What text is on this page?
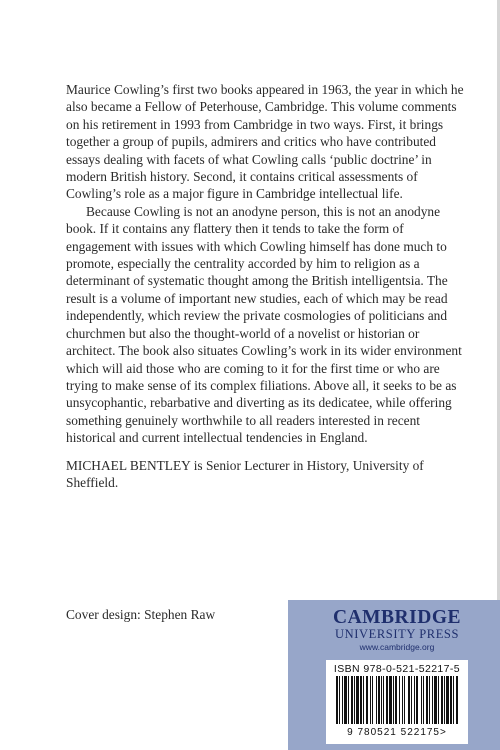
Maurice Cowling’s first two books appeared in 1963, the year in which he also became a Fellow of Peterhouse, Cambridge. This volume comments on his retirement in 1993 from Cambridge in two ways. First, it brings together a group of pupils, admirers and critics who have contributed essays dealing with facets of what Cowling calls ‘public doctrine’ in modern British history. Second, it contains critical assessments of Cowling’s role as a major figure in Cambridge intellectual life.

Because Cowling is not an anodyne person, this is not an anodyne book. If it contains any flattery then it tends to take the form of engagement with issues with which Cowling himself has done much to promote, especially the centrality accorded by him to religion as a determinant of systematic thought among the British intelligentsia. The result is a volume of important new studies, each of which may be read independently, which review the private cosmologies of politicians and churchmen but also the thought-world of a novelist or historian or architect. The book also situates Cowling’s work in its wider environment which will aid those who are coming to it for the first time or who are trying to make sense of its complex filiations. Above all, it seeks to be as unsycophantic, rebarbative and diverting as its dedicatee, while offering something genuinely worthwhile to all readers interested in recent historical and current intellectual tendencies in England.

MICHAEL BENTLEY is Senior Lecturer in History, University of Sheffield.

Cover design: Stephen Raw	CAMBRIDGE
UNIVERSITY PRESS
www.cambridge.org
ISBN 978-0-521-52217-5
9 780521 522175>
